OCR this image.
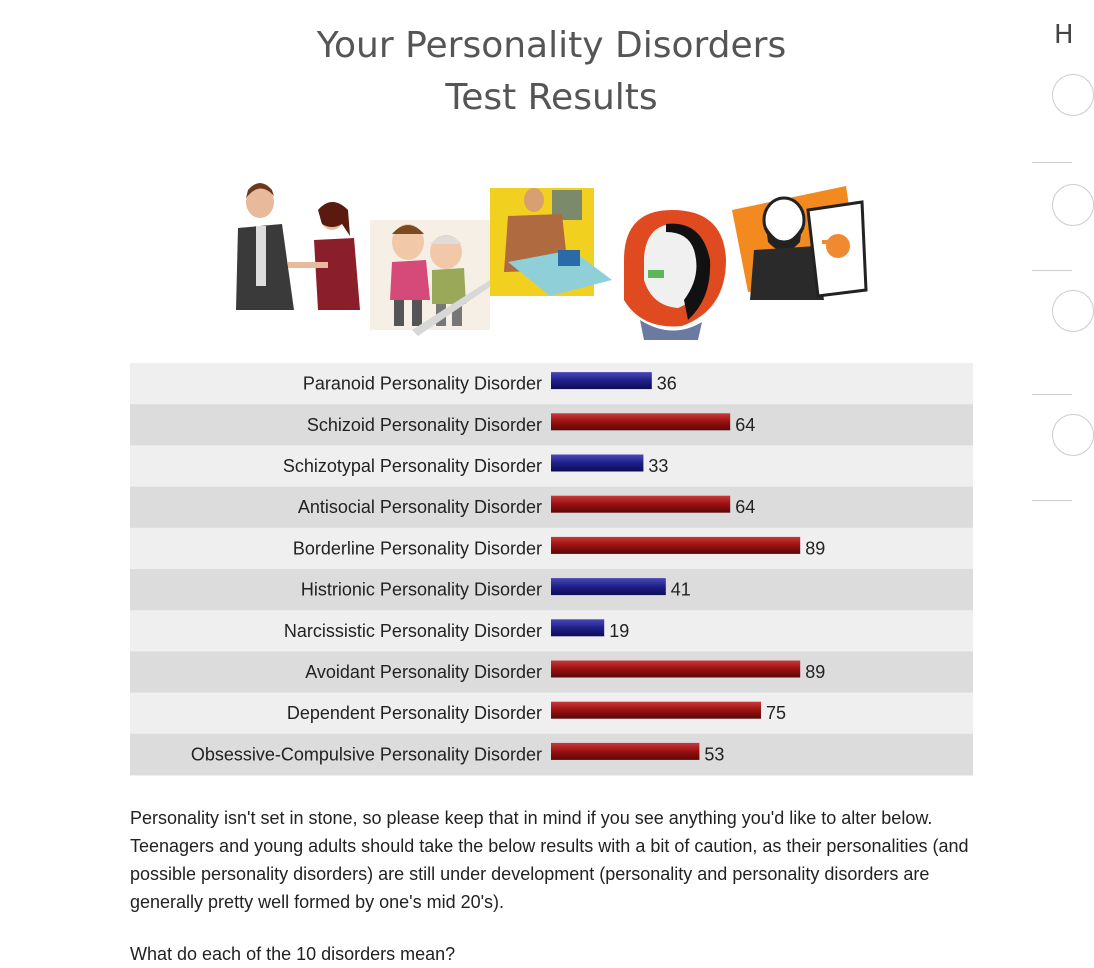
Your Personality Disorders
Test Results
Paranoid Personality Disorder	36
Schizoid Personality Disorder	64
Schizotypal Personality Disorder	33
Antisocial Personality Disorder	64
Borderline Personality Disorder	89
Histrionic Personality Disorder	41
Narcissistic Personality Disorder	19
Avoidant Personality Disorder	89
Dependent Personality Disorder	75
Obsessive-Compulsive Personality Disorder	53

Personality isn't set in stone, so please keep that in mind if you see anything you'd like to alter below. Teenagers and young adults should take the below results with a bit of caution, as their personalities (and possible personality disorders) are still under development (personality and personality disorders are generally pretty well formed by one's mid 20's).

What do each of the 10 disorders mean?

H
